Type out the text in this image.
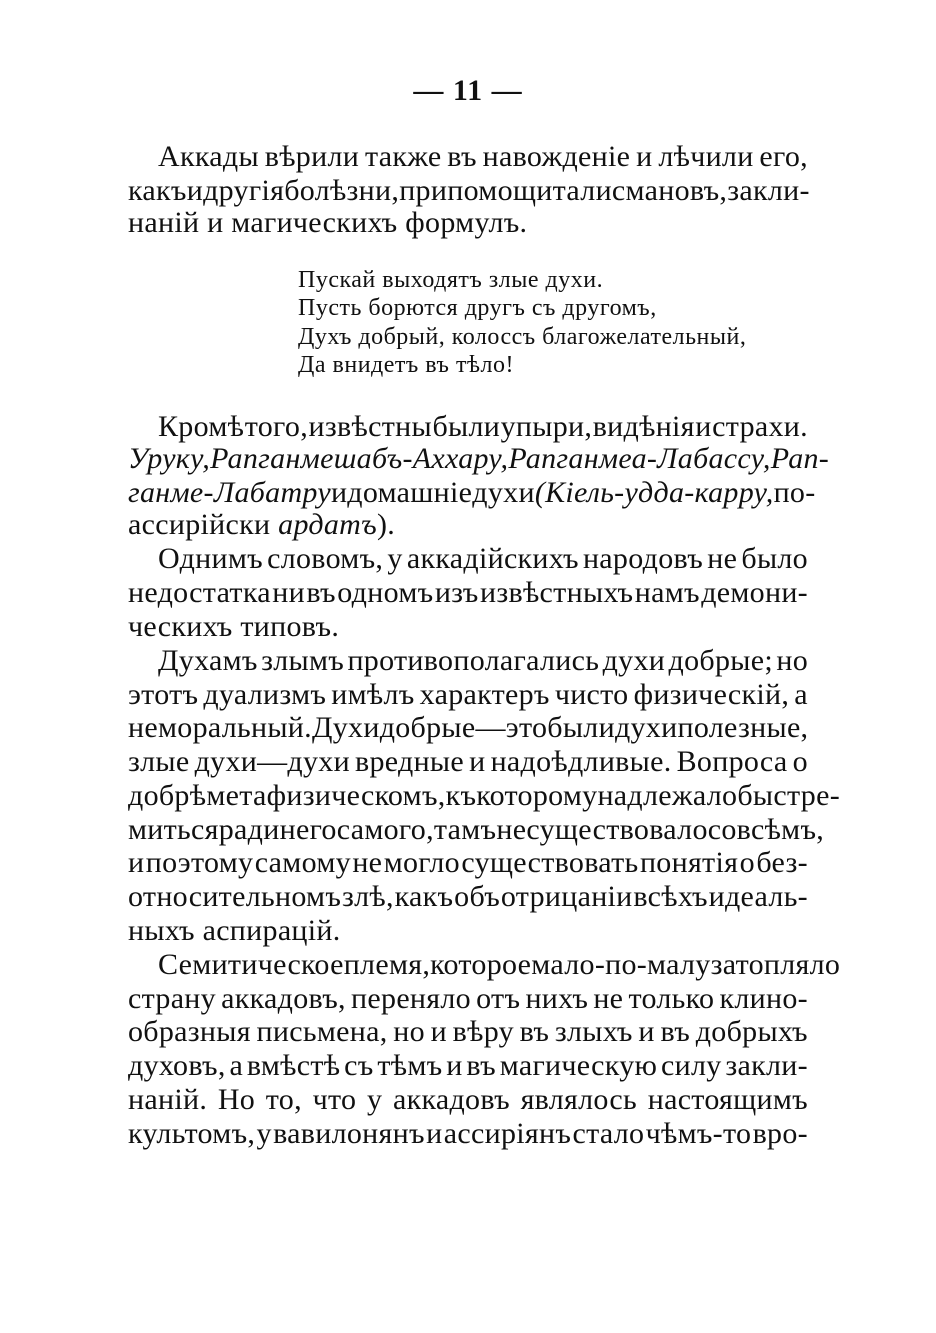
— 11 —
Аккады вѣрили также въ навожденіе и лѣчили его,
какъ и другія болѣзни, при помощи талисмановъ, закли-
наній и магическихъ формулъ.
Пускай выходятъ злые духи.
Пусть борются другъ съ другомъ,
Духъ добрый, колоссъ благожелательный,
Да внидетъ въ тѣло!
Кромѣ того, извѣстны были упыри, видѣнія и страхи.
Уруку, Рапганмешабъ-Аххару, Рапганмеа-Лабассу, Рап-
ганме-Лабатру и домашніе духи (Кіель-удда-карру, по-
ассирійски ардатъ).
Однимъ словомъ, у аккадійскихъ народовъ не было
недостатка ни въ одномъ изъ извѣстныхъ намъ демони-
ческихъ типовъ.
Духамъ злымъ противополагались духи добрые; но
этотъ дуализмъ имѣлъ характеръ чисто физическій, а
не моральный. Духи добрые—это были духи полезные,
злые духи—духи вредные и надоѣдливые. Вопроса о
добрѣ метафизическомъ, къ которому надлежало бы стре-
миться ради него самого, тамъ не существовало совсѣмъ,
и поэтому самому не могло существовать понятія о без-
относительномъ злѣ, какъ объ отрицаніи всѣхъ идеаль-
ныхъ аспирацій.
Семитическое племя, которое мало-по-малу затопляло
страну аккадовъ, переняло отъ нихъ не только клино-
образныя письмена, но и вѣру въ злыхъ и въ добрыхъ
духовъ, а вмѣстѣ съ тѣмъ и въ магическую силу закли-
наній. Но то, что у аккадовъ являлось настоящимъ
культомъ, у вавилонянъ и ассиріянъ стало чѣмъ-то вро-
